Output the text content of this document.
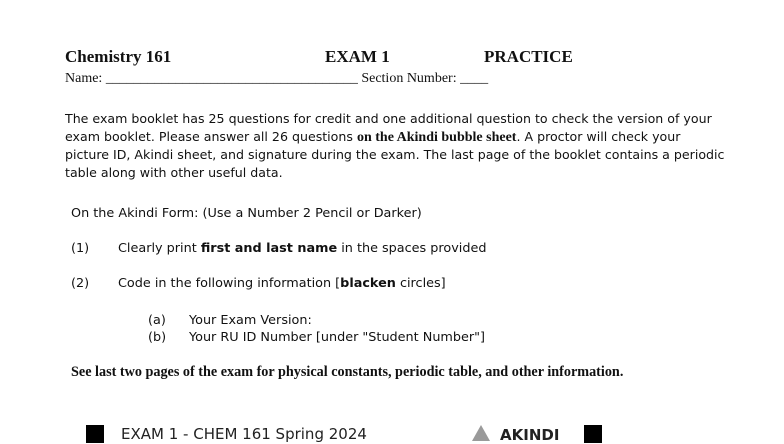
Chemistry 161	EXAM 1	PRACTICE
Name: ____________________________________ Section Number: ____
The exam booklet has 25 questions for credit and one additional question to check the version of your
exam booklet. Please answer all 26 questions on the Akindi bubble sheet. A proctor will check your
picture ID, Akindi sheet, and signature during the exam. The last page of the booklet contains a periodic
table along with other useful data.
On the Akindi Form: (Use a Number 2 Pencil or Darker)
(1) Clearly print first and last name in the spaces provided
(2) Code in the following information [blacken circles]
(a) Your Exam Version:
(b) Your RU ID Number [under "Student Number"]
See last two pages of the exam for physical constants, periodic table, and other information.
EXAM 1 - CHEM 161 Spring 2024	AKINDI
